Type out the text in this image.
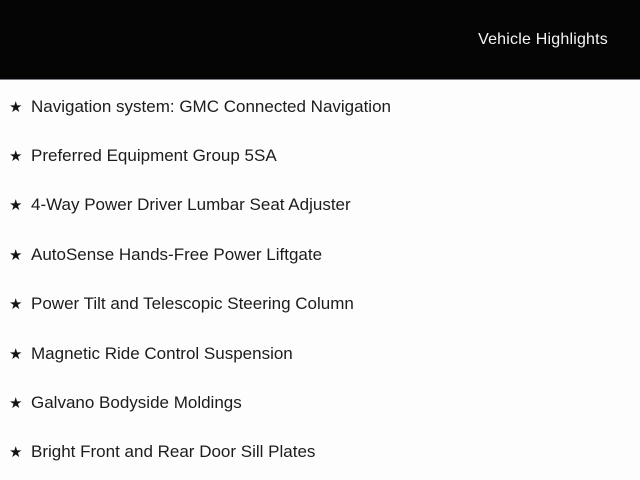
Vehicle Highlights
★ Navigation system: GMC Connected Navigation
★ Preferred Equipment Group 5SA
★ 4-Way Power Driver Lumbar Seat Adjuster
★ AutoSense Hands-Free Power Liftgate
★ Power Tilt and Telescopic Steering Column
★ Magnetic Ride Control Suspension
★ Galvano Bodyside Moldings
★ Bright Front and Rear Door Sill Plates
